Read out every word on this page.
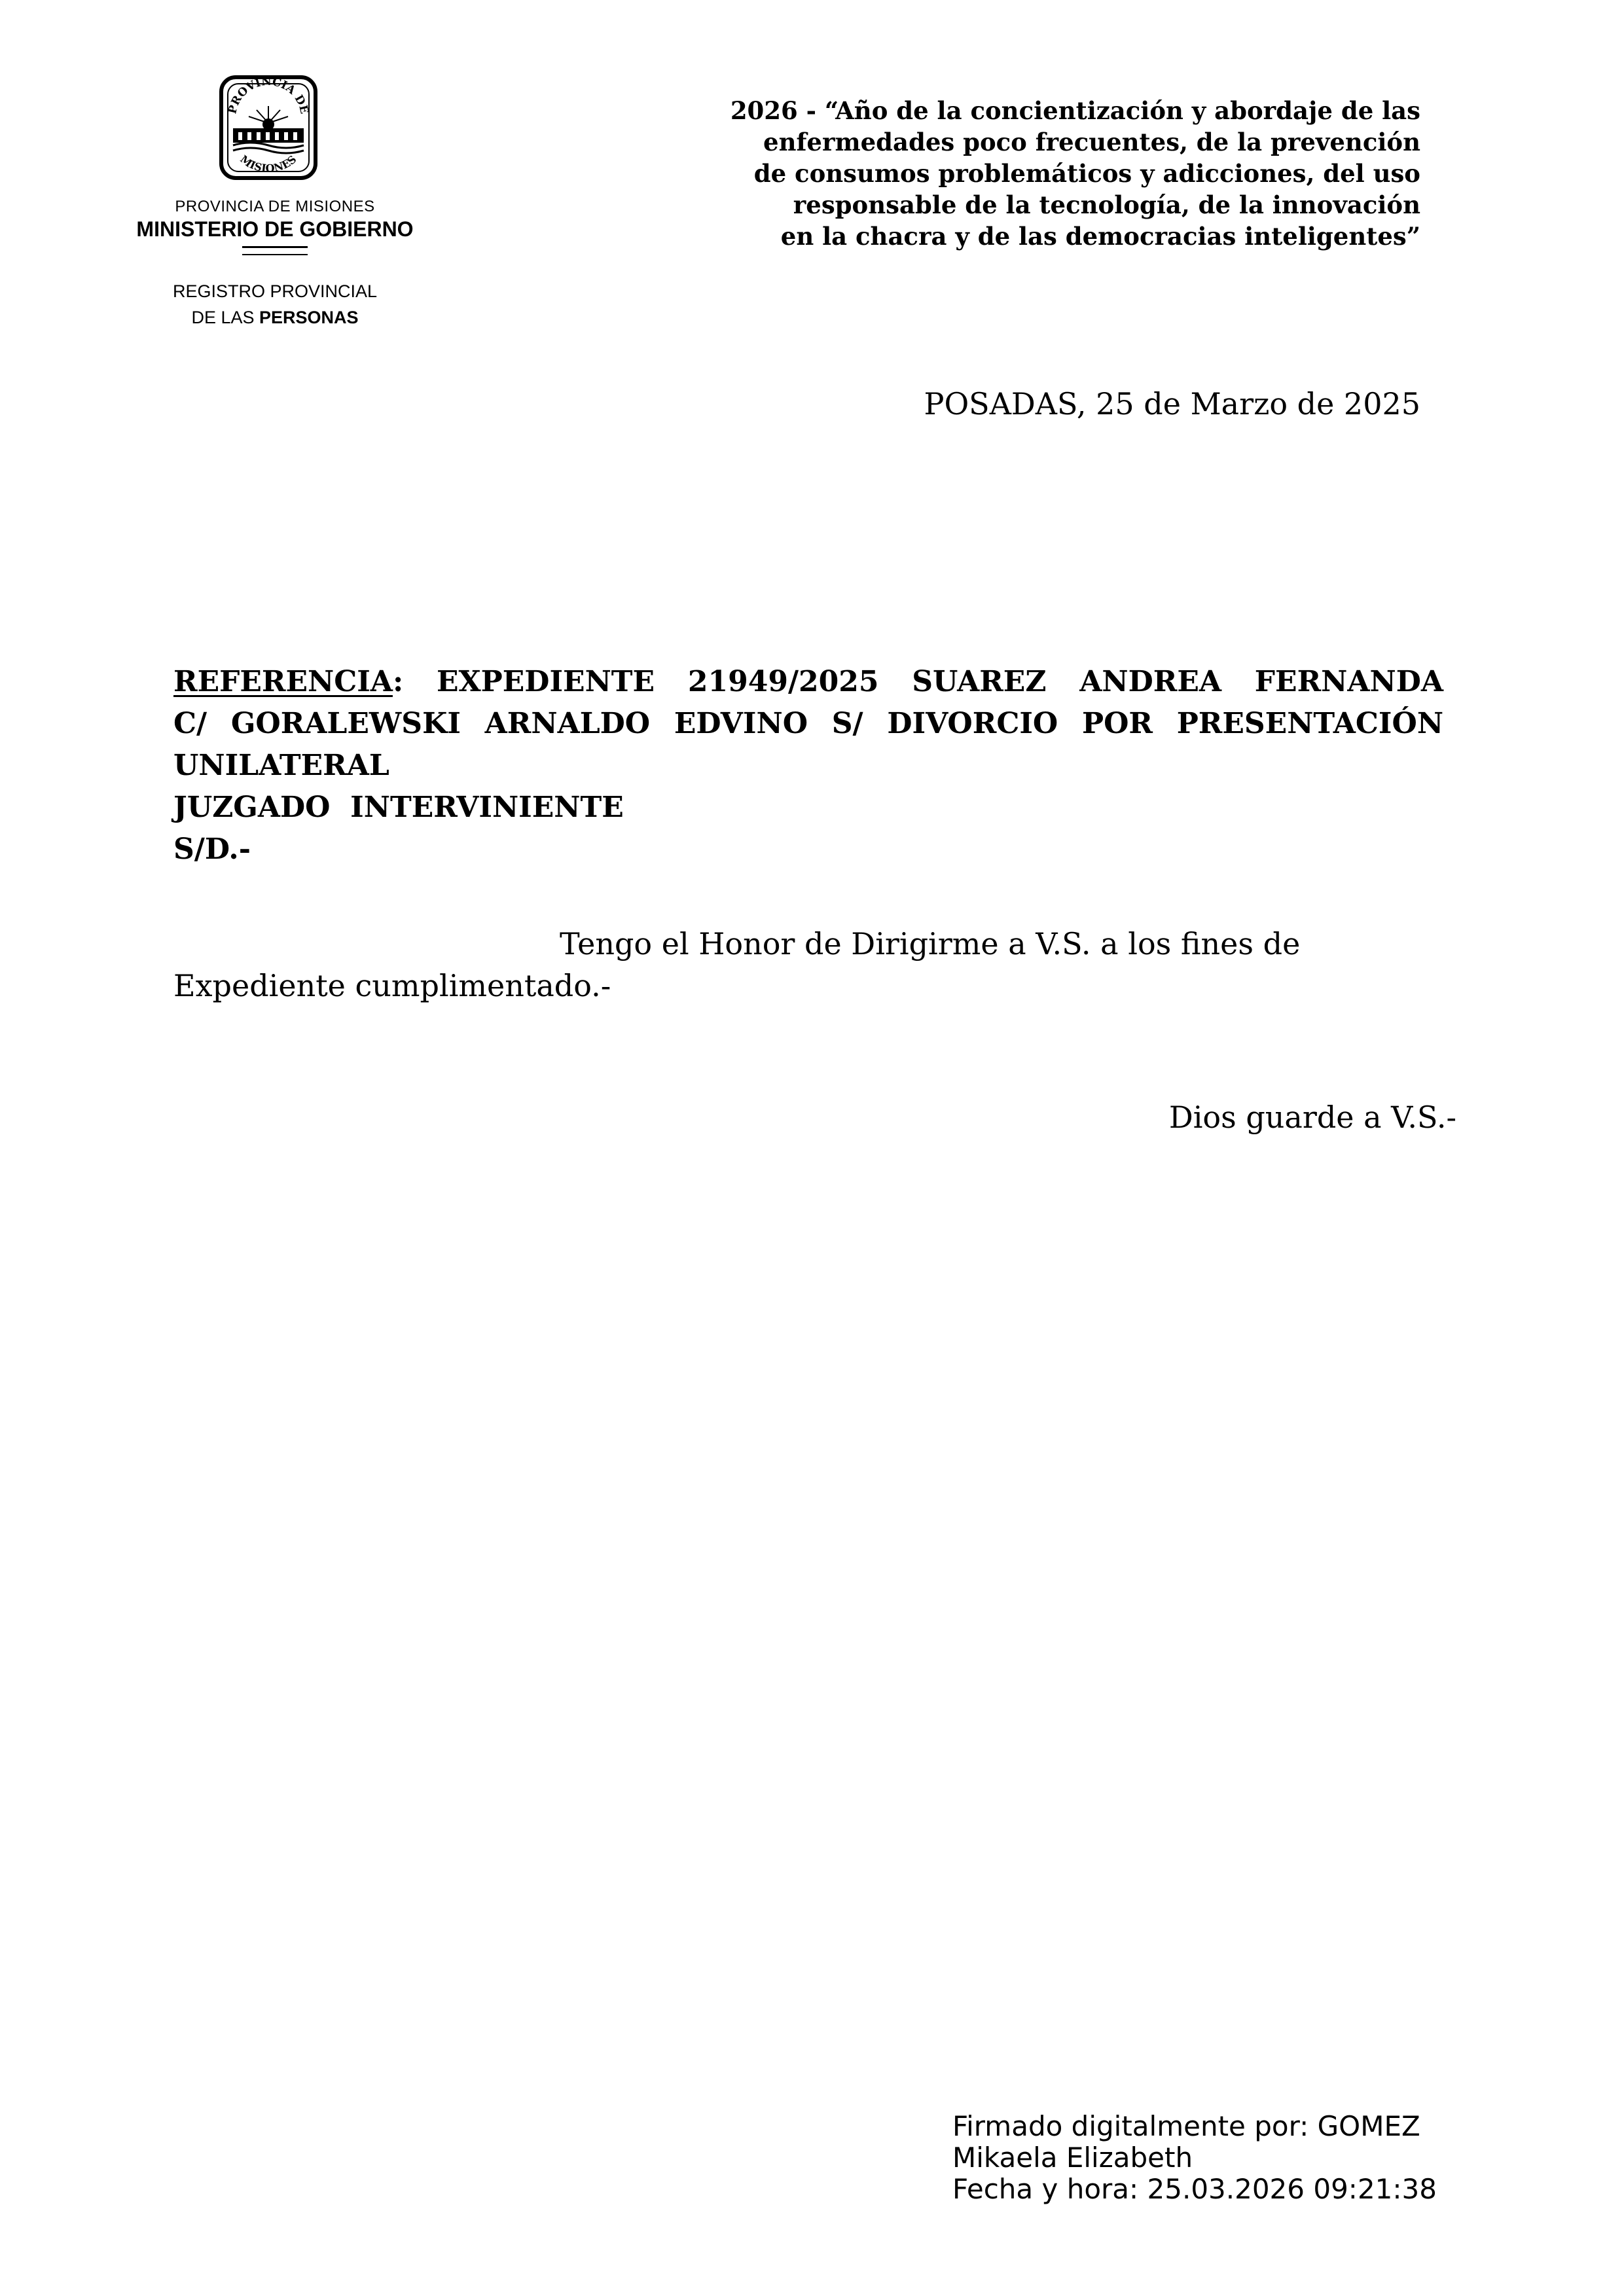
PROVINCIA DE
MISIONES
PROVINCIA DE MISIONES
MINISTERIO DE GOBIERNO
REGISTRO PROVINCIAL
DE LAS PERSONAS
2026 - “Año de la concientización y abordaje de las
enfermedades poco frecuentes, de la prevención
de consumos problemáticos y adicciones, del uso
responsable de la tecnología, de la innovación
en la chacra y de las democracias inteligentes”
POSADAS, 25 de Marzo de 2025
REFERENCIA: EXPEDIENTE 21949/2025 SUAREZ ANDREA FERNANDA
C/ GORALEWSKI ARNALDO EDVINO S/ DIVORCIO POR PRESENTACIÓN
UNILATERAL
JUZGADO  INTERVINIENTE
S/D.-
Tengo el Honor de Dirigirme a V.S. a los fines de
Expediente cumplimentado.-
Dios guarde a V.S.-
Firmado digitalmente por: GOMEZ
Mikaela Elizabeth
Fecha y hora: 25.03.2026 09:21:38
